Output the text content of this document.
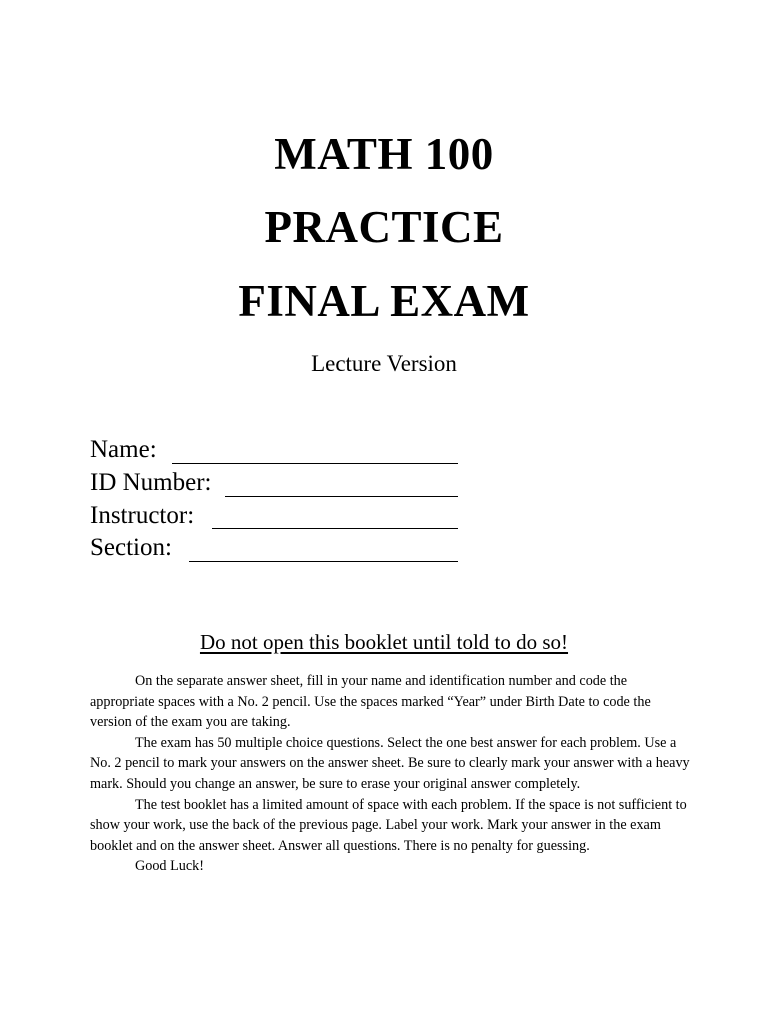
MATH 100
PRACTICE
FINAL EXAM
Lecture Version
Name:
ID Number:
Instructor:
Section:
Do not open this booklet until told to do so!

On the separate answer sheet, fill in your name and identification number and code the appropriate spaces with a No. 2 pencil. Use the spaces marked “Year” under Birth Date to code the version of the exam you are taking.

The exam has 50 multiple choice questions. Select the one best answer for each problem. Use a No. 2 pencil to mark your answers on the answer sheet. Be sure to clearly mark your answer with a heavy mark. Should you change an answer, be sure to erase your original answer completely.

The test booklet has a limited amount of space with each problem. If the space is not sufficient to show your work, use the back of the previous page. Label your work. Mark your answer in the exam booklet and on the answer sheet. Answer all questions. There is no penalty for guessing.

Good Luck!
